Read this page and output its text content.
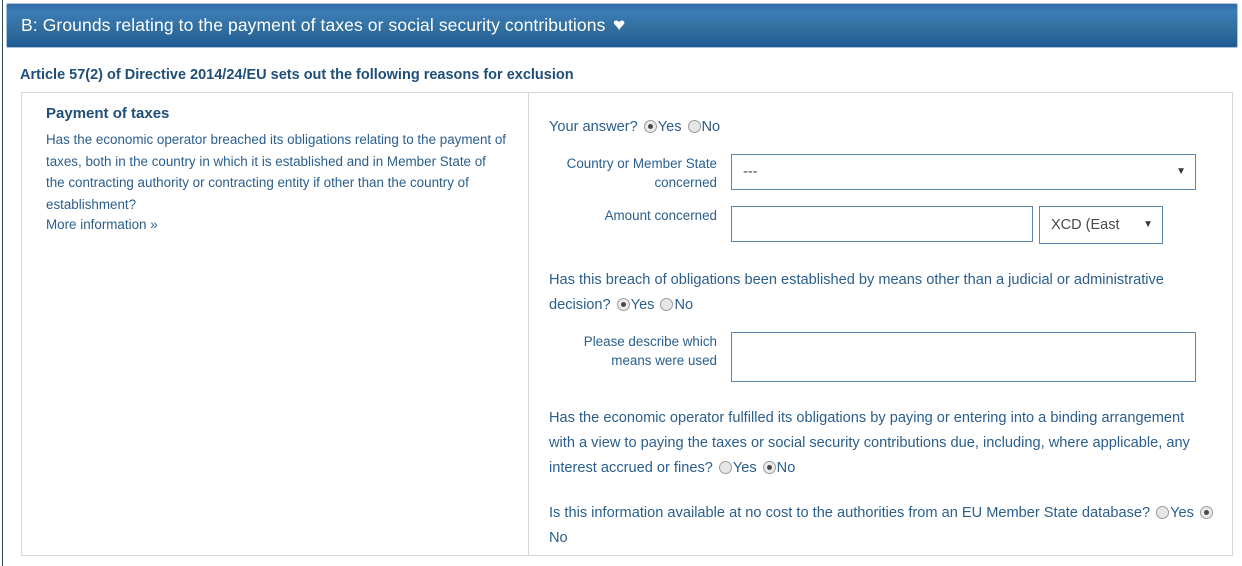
B: Grounds relating to the payment of taxes or social security contributions ♥
Article 57(2) of Directive 2014/24/EU sets out the following reasons for exclusion
Payment of taxes

Has the economic operator breached its obligations relating to the payment of taxes, both in the country in which it is established and in Member State of the contracting authority or contracting entity if other than the country of establishment?

More information »
Your answer? Yes No
Country or Member State concerned
---	▼
Amount concerned
XCD (East ▼
Has this breach of obligations been established by means other than a judicial or administrative decision? Yes No
Please describe which means were used
Has the economic operator fulfilled its obligations by paying or entering into a binding arrangement with a view to paying the taxes or social security contributions due, including, where applicable, any interest accrued or fines? Yes No
Is this information available at no cost to the authorities from an EU Member State database? YesNo
